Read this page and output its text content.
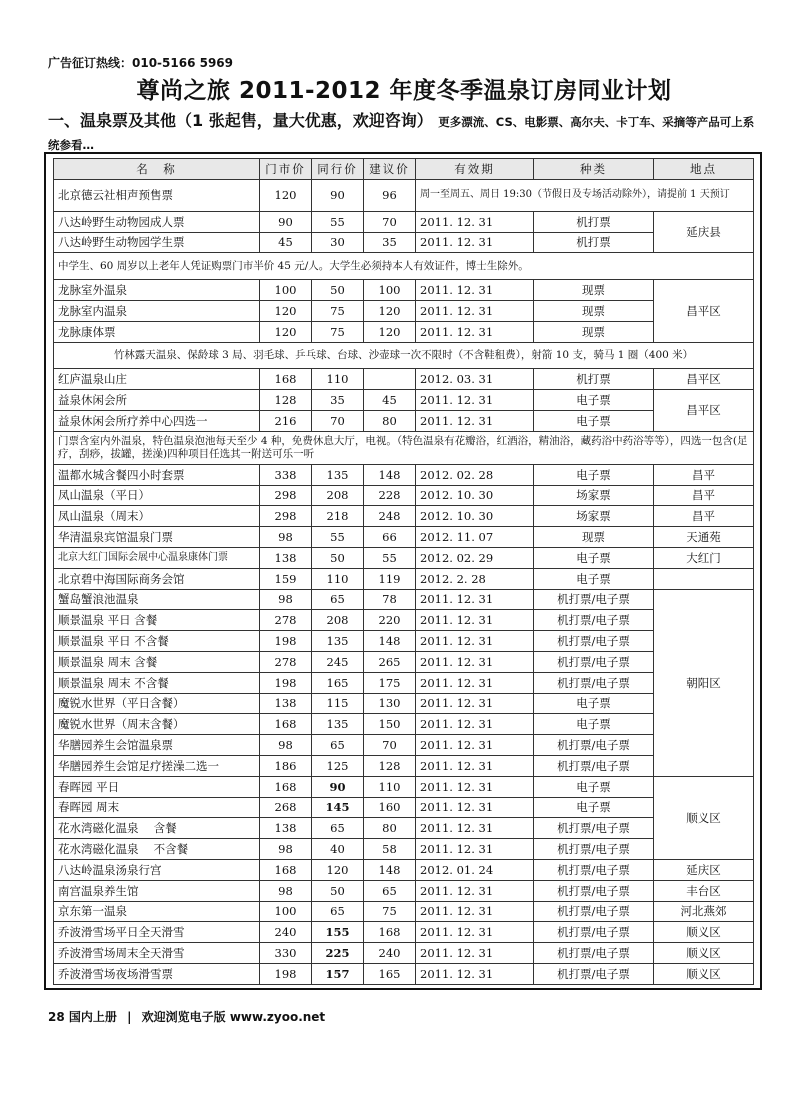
广告征订热线：010-5166 5969
尊尚之旅 2011-2012 年度冬季温泉订房同业计划
一、温泉票及其他（1 张起售，量大优惠，欢迎咨询） 更多漂流、CS、电影票、高尔夫、卡丁车、采摘等产品可上系统参看…
名　称	门市价	同行价	建议价	有效期	种类	地点
北京德云社相声预售票	120	90	96	周一至周五、周日 19:30（节假日及专场活动除外），请提前 1 天预订		
八达岭野生动物园成人票	90	55	70	2011. 12. 31	机打票	延庆县
八达岭野生动物园学生票	45	30	35	2011. 12. 31	机打票	
中学生、60 周岁以上老年人凭证购票门市半价 45 元/人。大学生必须持本人有效证件，博士生除外。						
龙脉室外温泉	100	50	100	2011. 12. 31	现票	昌平区
龙脉室内温泉	120	75	120	2011. 12. 31	现票	
龙脉康体票	120	75	120	2011. 12. 31	现票	
竹林露天温泉、保龄球 3 局、羽毛球、乒乓球、台球、沙壶球一次不限时（不含鞋租费），射箭 10 支，骑马 1 圈（400 米）						
红庐温泉山庄	168	110		2012. 03. 31	机打票	昌平区
益泉休闲会所	128	35	45	2011. 12. 31	电子票	昌平区
益泉休闲会所疗养中心四选一	216	70	80	2011. 12. 31	电子票	
门票含室内外温泉，特色温泉泡池每天至少 4 种，免费休息大厅，电视。（特色温泉有花瓣浴，红酒浴，精油浴，藏药浴中药浴等等），四选一包含(足疗，刮痧，拔罐，搓澡)四种项目任选其一附送可乐一听						
温都水城含餐四小时套票	338	135	148	2012. 02. 28	电子票	昌平
凤山温泉（平日）	298	208	228	2012. 10. 30	场家票	昌平
凤山温泉（周末）	298	218	248	2012. 10. 30	场家票	昌平
华清温泉宾馆温泉门票	98	55	66	2012. 11. 07	现票	天通苑
北京大红门国际会展中心温泉康体门票	138	50	55	2012. 02. 29	电子票	大红门
北京碧中海国际商务会馆	159	110	119	2012. 2. 28	电子票	
蟹岛蟹浪池温泉	98	65	78	2011. 12. 31	机打票/电子票	朝阳区
顺景温泉 平日 含餐	278	208	220	2011. 12. 31	机打票/电子票	
顺景温泉 平日 不含餐	198	135	148	2011. 12. 31	机打票/电子票	
顺景温泉 周末 含餐	278	245	265	2011. 12. 31	机打票/电子票	
顺景温泉 周末 不含餐	198	165	175	2011. 12. 31	机打票/电子票	
魔锐水世界（平日含餐）	138	115	130	2011. 12. 31	电子票	
魔锐水世界（周末含餐）	168	135	150	2011. 12. 31	电子票	
华膳园养生会馆温泉票	98	65	70	2011. 12. 31	机打票/电子票	
华膳园养生会馆足疗搓澡二选一	186	125	128	2011. 12. 31	机打票/电子票	
春晖园 平日	168	90	110	2011. 12. 31	电子票	顺义区
春晖园 周末	268	145	160	2011. 12. 31	电子票	
花水湾磁化温泉　 含餐	138	65	80	2011. 12. 31	机打票/电子票	
花水湾磁化温泉　 不含餐	98	40	58	2011. 12. 31	机打票/电子票	
八达岭温泉汤泉行宫	168	120	148	2012. 01. 24	机打票/电子票	延庆区
南宫温泉养生馆	98	50	65	2011. 12. 31	机打票/电子票	丰台区
京东第一温泉	100	65	75	2011. 12. 31	机打票/电子票	河北燕郊
乔波滑雪场平日全天滑雪	240	155	168	2011. 12. 31	机打票/电子票	顺义区
乔波滑雪场周末全天滑雪	330	225	240	2011. 12. 31	机打票/电子票	顺义区
乔波滑雪场夜场滑雪票	198	157	165	2011. 12. 31	机打票/电子票	顺义区
28 国内上册 | 欢迎浏览电子版 www.zyoo.net
